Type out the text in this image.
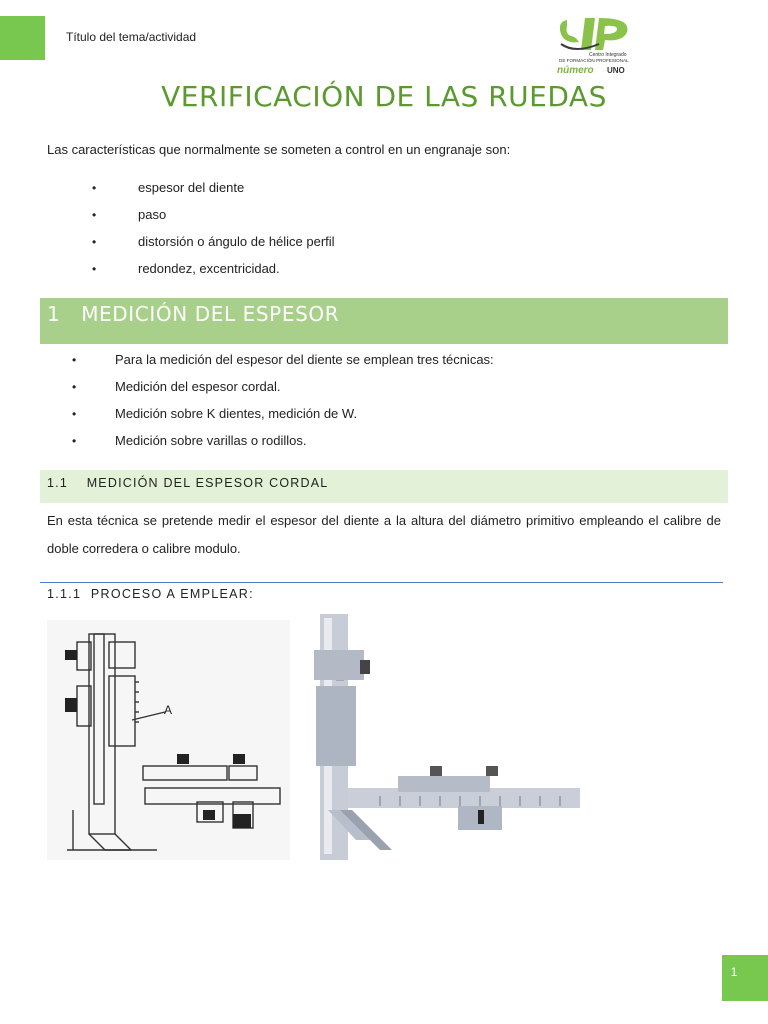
Título del tema/actividad
Centro Integrado
DE FORMACIÓN PROFESIONAL
número UNO
VERIFICACIÓN DE LAS RUEDAS
Las características que normalmente se someten a control en un engranaje son:
•	espesor del diente
•	paso
•	distorsión o ángulo de hélice perfil
•	redondez, excentricidad.
1 MEDICIÓN DEL ESPESOR
•	Para la medición del espesor del diente se emplean tres técnicas:
•	Medición del espesor cordal.
•	Medición sobre K dientes, medición de W.
•	Medición sobre varillas o rodillos.
1.1 MEDICIÓN DEL ESPESOR CORDAL
En esta técnica se pretende medir el espesor del diente a la altura del diámetro primitivo empleando el calibre de doble corredera o calibre modulo.
1.1.1 PROCESO A EMPLEAR:
A
1
